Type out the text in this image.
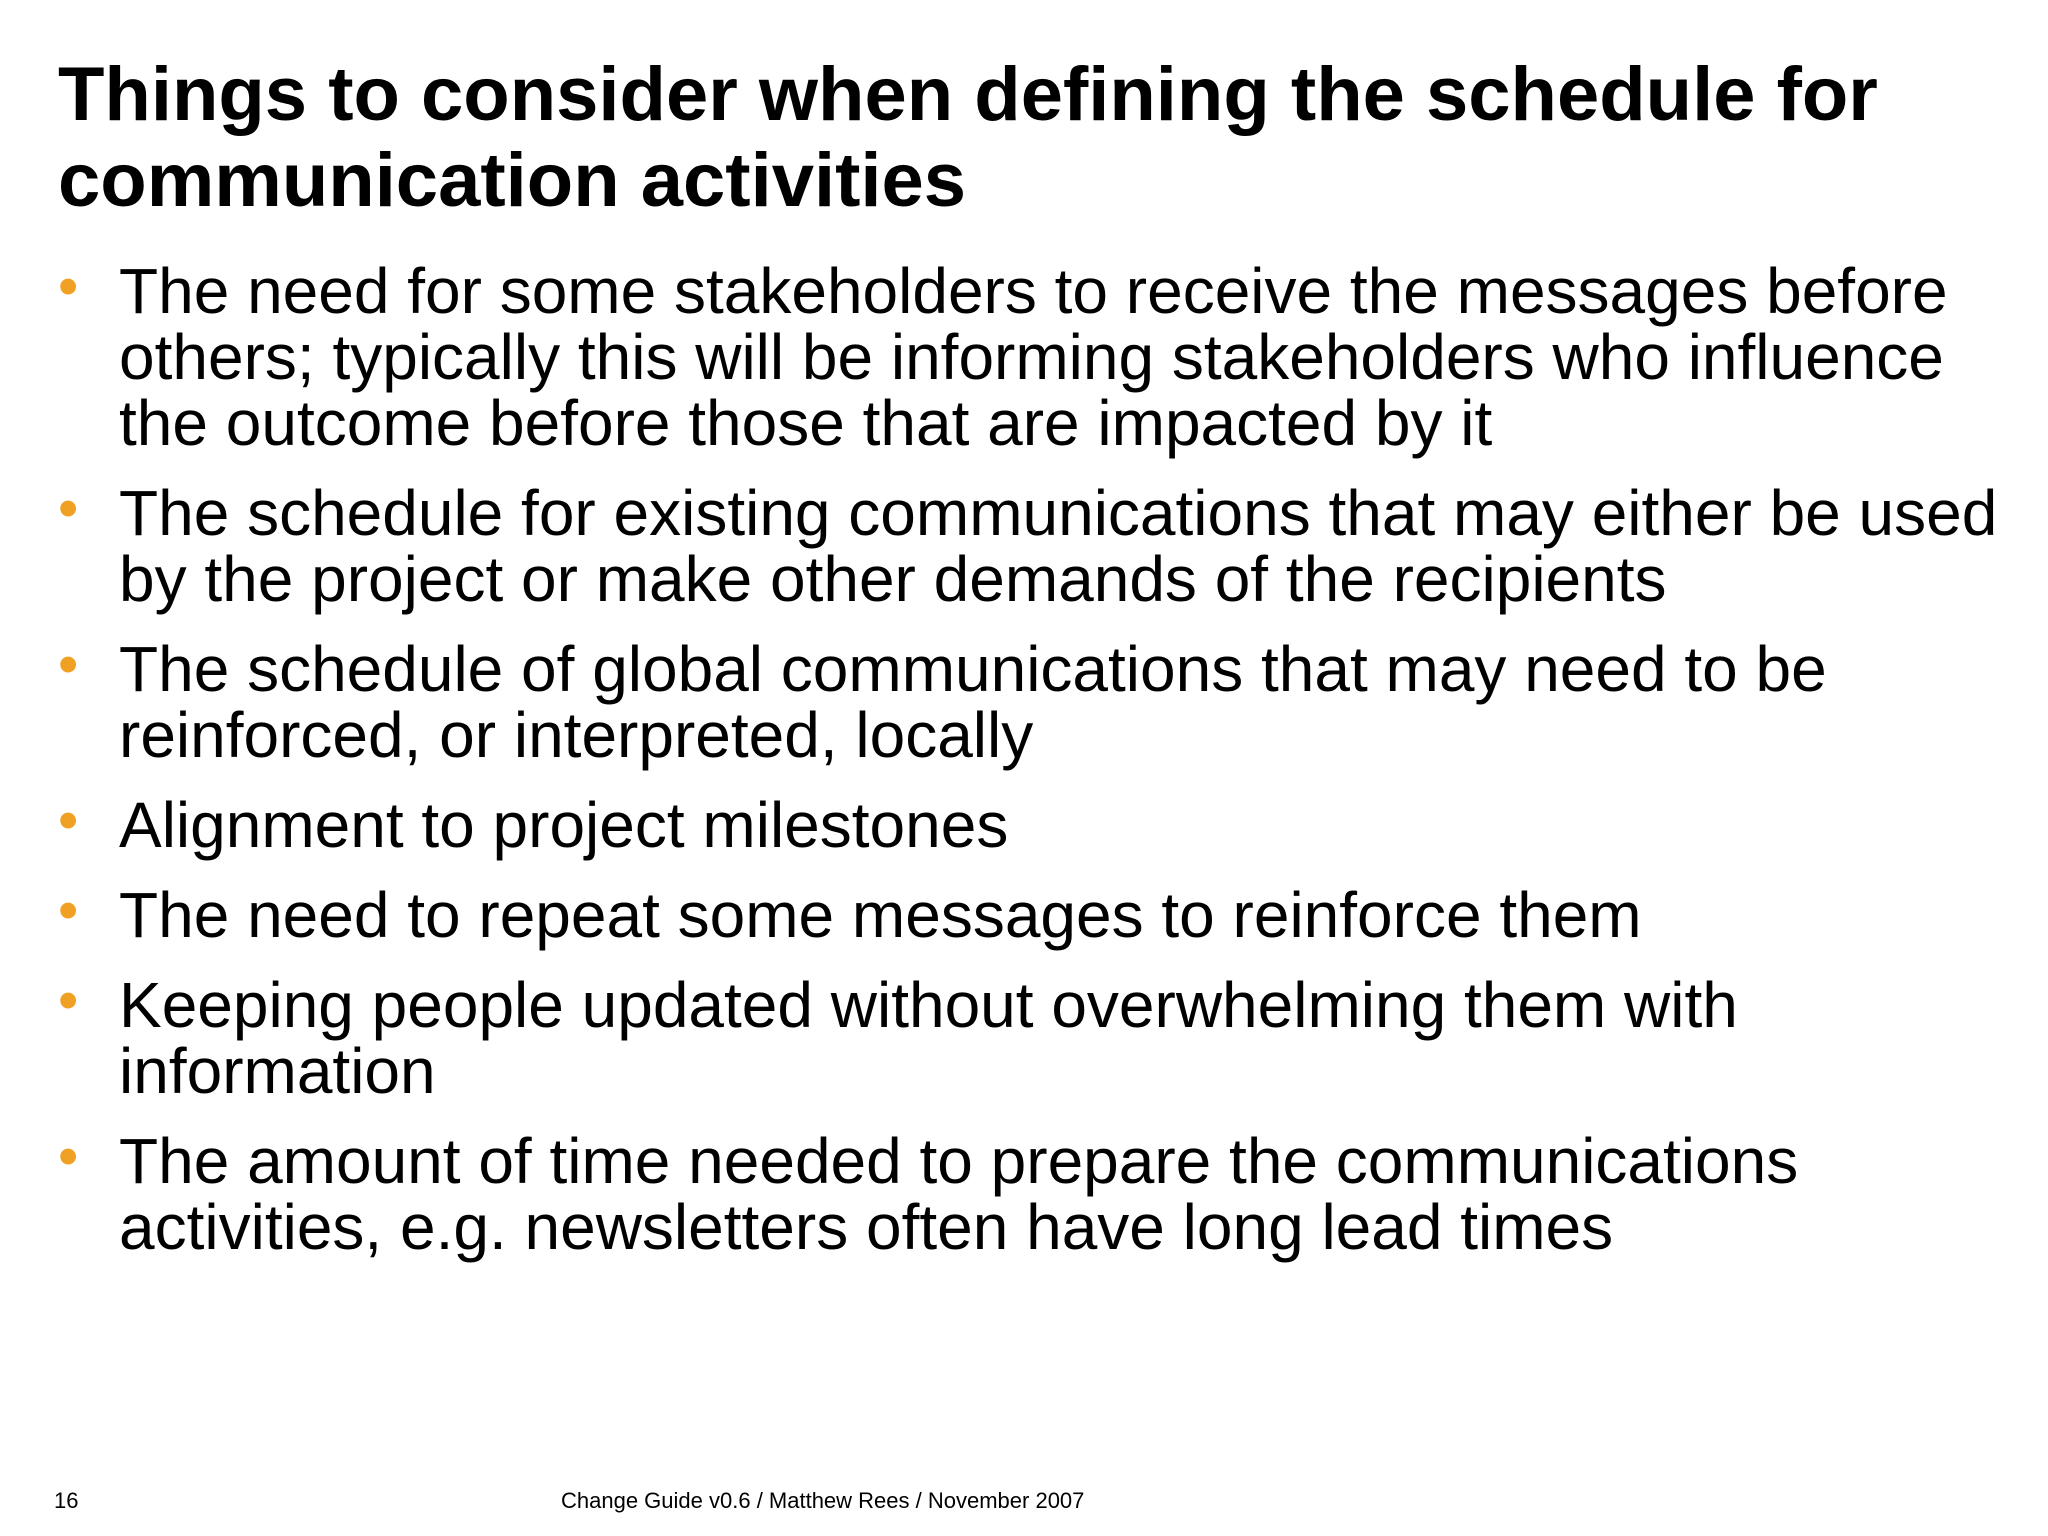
Things to consider when defining the schedule for communication activities
• The need for some stakeholders to receive the messages before others; typically this will be informing stakeholders who influence the outcome before those that are impacted by it
• The schedule for existing communications that may either be used by the project or make other demands of the recipients
• The schedule of global communications that may need to be reinforced, or interpreted, locally
• Alignment to project milestones
• The need to repeat some messages to reinforce them
• Keeping people updated without overwhelming them with information
• The amount of time needed to prepare the communications activities, e.g. newsletters often have long lead times
16	Change Guide v0.6 / Matthew Rees / November 2007
